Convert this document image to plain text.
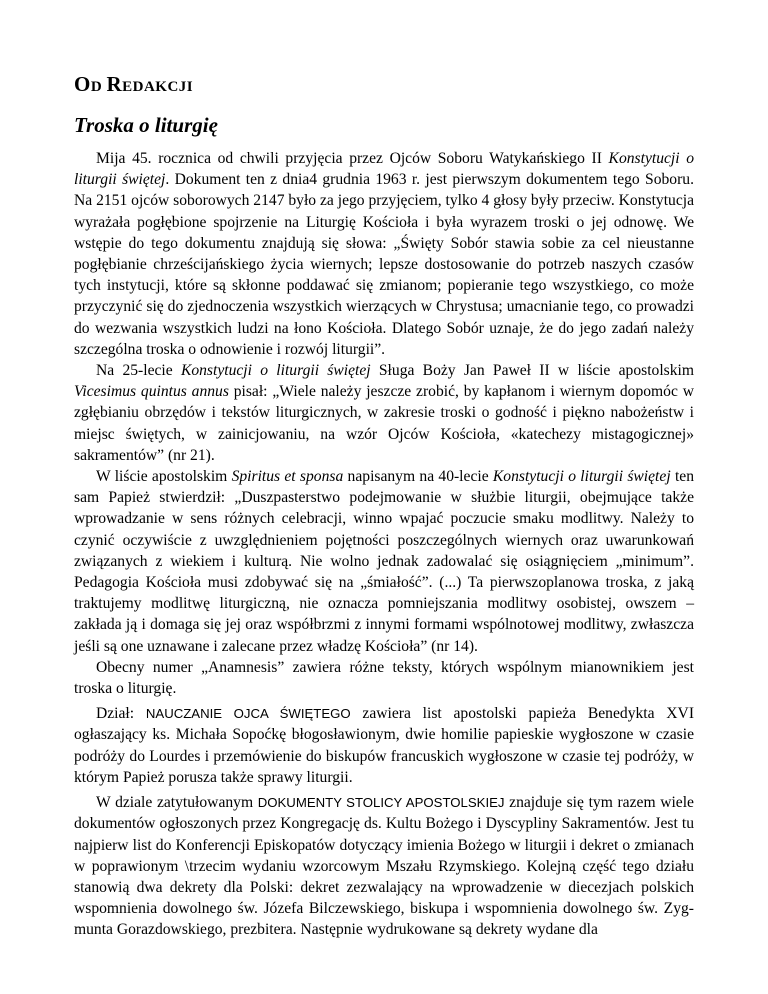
OD REDAKCJI
Troska o liturgię

Mija 45. rocznica od chwili przyjęcia przez Ojców Soboru Watykańskiego II Konstytucji o liturgii świętej. Dokument ten z dnia4 grudnia 1963 r. jest pierwszym dokumentem tego Soboru. Na 2151 ojców soborowych 2147 było za jego przyjęciem, tylko 4 głosy były przeciw. Konstytucja wyrażała pogłębione spojrzenie na Liturgię Kościoła i była wyrazem troski o jej odnowę. We wstępie do tego dokumentu znajdują się słowa: „Święty Sobór stawia sobie za cel nieustanne pogłębianie chrześcijańskiego życia wiernych; lepsze dostosowanie do potrzeb naszych czasów tych instytucji, które są skłonne poddawać się zmianom; popieranie tego wszystkiego, co może przyczynić się do zjednoczenia wszystkich wierzących w Chrystusa; umacnianie tego, co prowadzi do wezwania wszystkich ludzi na łono Kościoła. Dlatego Sobór uznaje, że do jego zadań należy szczególna troska o odnowienie i rozwój liturgii”.

Na 25-lecie Konstytucji o liturgii świętej Sługa Boży Jan Paweł II w liście apostolskim Vicesimus quintus annus pisał: „Wiele należy jeszcze zrobić, by kapłanom i wiernym dopomóc w zgłębianiu obrzędów i tekstów liturgicznych, w zakresie troski o godność i piękno nabożeństw i miejsc świętych, w zainicjowaniu, na wzór Ojców Kościoła, «katechezy mistagogicznej» sakramentów” (nr 21).

W liście apostolskim Spiritus et sponsa napisanym na 40-lecie Konstytucji o liturgii świętej ten sam Papież stwierdził: „Duszpasterstwo podejmowanie w służbie liturgii, obejmujące także wprowadzanie w sens różnych celebracji, winno wpajać poczucie smaku modlitwy. Należy to czynić oczywiście z uwzględnieniem pojętności poszczególnych wiernych oraz uwarunkowań związanych z wiekiem i kulturą. Nie wolno jednak zadowalać się osiągnięciem „minimum”. Pedagogia Kościoła musi zdobywać się na „śmiałość”. (...) Ta pierwszoplanowa troska, z jaką traktujemy modlitwę liturgiczną, nie oznacza pomniejszania modlitwy osobistej, owszem – zakłada ją i domaga się jej oraz współbrzmi z innymi formami wspólnotowej modlitwy, zwłaszcza jeśli są one uznawane i zalecane przez władzę Kościoła” (nr 14).

Obecny numer „Anamnesis” zawiera różne teksty, których wspólnym mianownikiem jest troska o liturgię.

Dział: NAUCZANIE OJCA ŚWIĘTEGO zawiera list apostolski papieża Benedykta XVI ogłaszający ks. Michała Sopoćkę błogosławionym, dwie homilie papieskie wygłoszone w czasie podróży do Lourdes i przemówienie do biskupów francuskich wygłoszone w czasie tej podróży, w którym Papież porusza także sprawy liturgii.

W dziale zatytułowanym DOKUMENTY STOLICY APOSTOLSKIEJ znajduje się tym razem wiele dokumentów ogłoszonych przez Kongregację ds. Kultu Bożego i Dyscypliny Sakramentów. Jest tu najpierw list do Konferencji Episkopatów dotyczący imienia Bożego w liturgii i dekret o zmianach w poprawionym \trzecim wydaniu wzorcowym Mszału Rzymskiego. Kolejną część tego działu stanowią dwa dekrety dla Polski: dekret zezwalający na wprowadzenie w diecezjach polskich wspomnienia dowolnego św. Józefa Bilczewskiego, biskupa i wspomnienia dowolnego św. Zygmunta Gorazdowskiego, prezbitera. Następnie wydrukowane są dekrety wydane dla
